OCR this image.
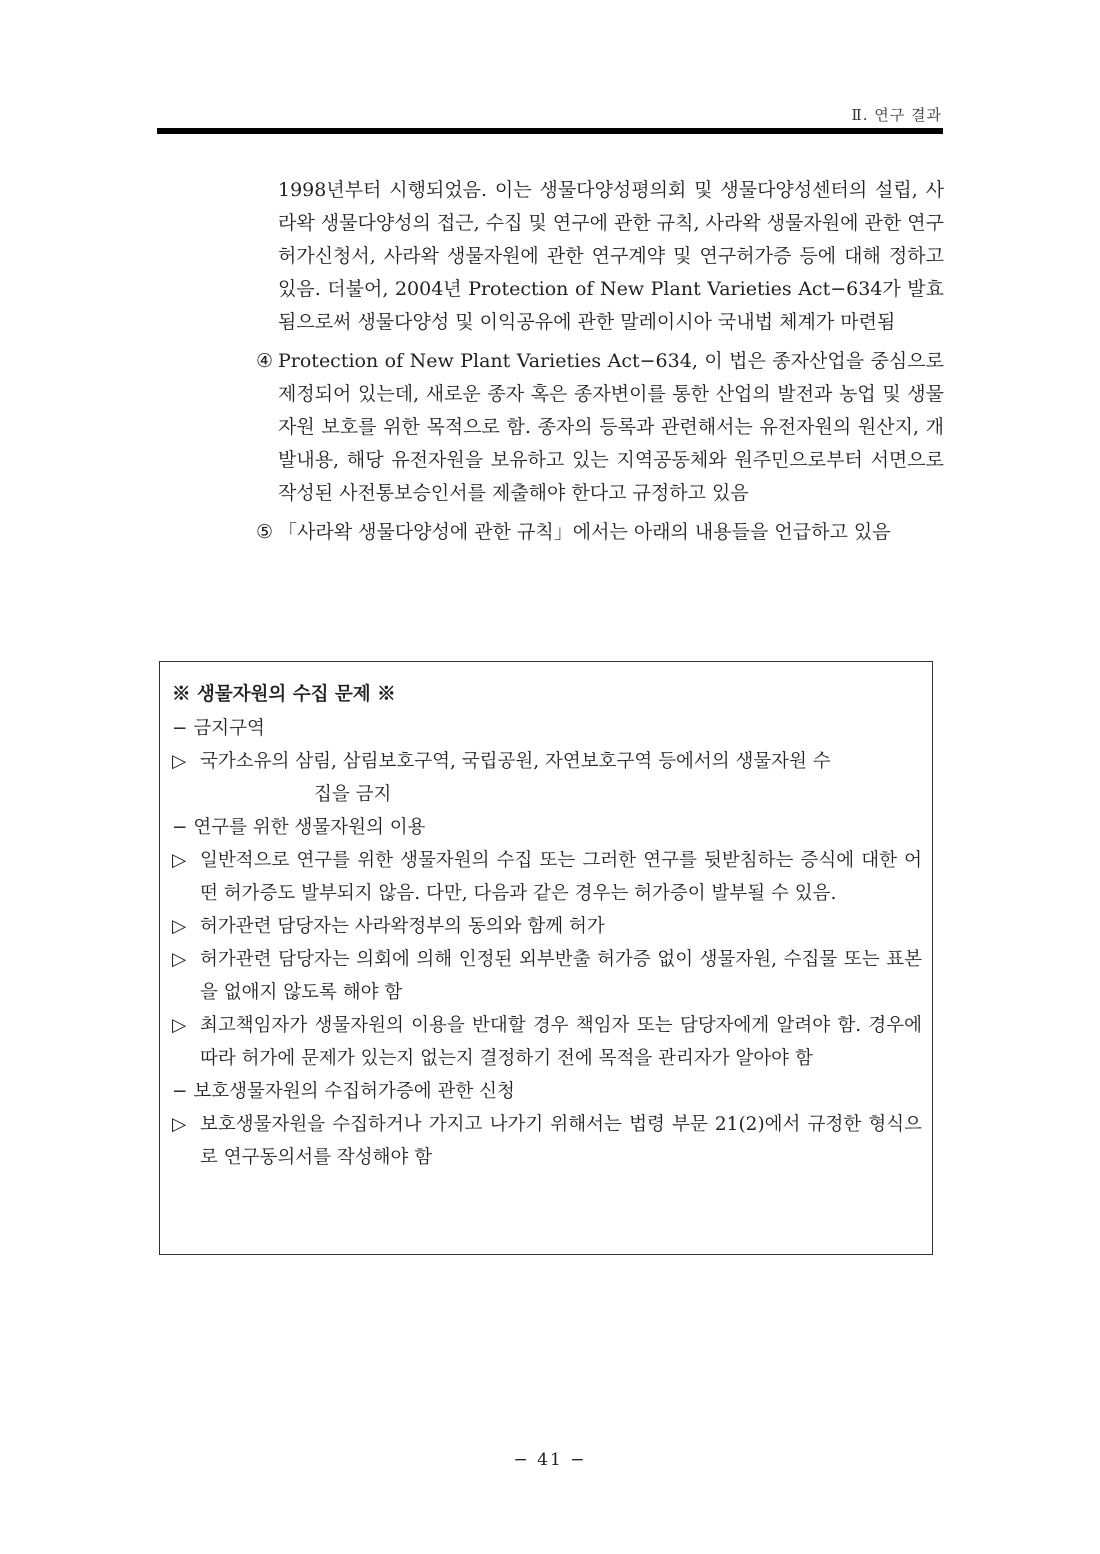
Ⅱ. 연구 결과

1998년부터 시행되었음. 이는 생물다양성평의회 및 생물다양성센터의 설립, 사라왁 생물다양성의 접근, 수집 및 연구에 관한 규칙, 사라왁 생물자원에 관한 연구허가신청서, 사라왁 생물자원에 관한 연구계약 및 연구허가증 등에 대해 정하고 있음. 더불어, 2004년 Protection of New Plant Varieties Act−634가 발효됨으로써 생물다양성 및 이익공유에 관한 말레이시아 국내법 체계가 마련됨

④ Protection of New Plant Varieties Act−634, 이 법은 종자산업을 중심으로 제정되어 있는데, 새로운 종자 혹은 종자변이를 통한 산업의 발전과 농업 및 생물자원 보호를 위한 목적으로 함. 종자의 등록과 관련해서는 유전자원의 원산지, 개발내용, 해당 유전자원을 보유하고 있는 지역공동체와 원주민으로부터 서면으로 작성된 사전통보승인서를 제출해야 한다고 규정하고 있음
⑤ 「사라왁 생물다양성에 관한 규칙」에서는 아래의 내용들을 언급하고 있음
※ 생물자원의 수집 문제 ※
− 금지구역
▷ 국가소유의 삼림, 삼림보호구역, 국립공원, 자연보호구역 등에서의 생물자원 수
집을 금지
− 연구를 위한 생물자원의 이용
▷ 일반적으로 연구를 위한 생물자원의 수집 또는 그러한 연구를 뒷받침하는 증식에 대한 어떤 허가증도 발부되지 않음. 다만, 다음과 같은 경우는 허가증이 발부될 수 있음.
▷ 허가관련 담당자는 사라왁정부의 동의와 함께 허가
▷ 허가관련 담당자는 의회에 의해 인정된 외부반출 허가증 없이 생물자원, 수집물 또는 표본을 없애지 않도록 해야 함
▷ 최고책임자가 생물자원의 이용을 반대할 경우 책임자 또는 담당자에게 알려야 함. 경우에 따라 허가에 문제가 있는지 없는지 결정하기 전에 목적을 관리자가 알아야 함
− 보호생물자원의 수집허가증에 관한 신청
▷ 보호생물자원을 수집하거나 가지고 나가기 위해서는 법령 부문 21(2)에서 규정한 형식으로 연구동의서를 작성해야 함
− 41 −
